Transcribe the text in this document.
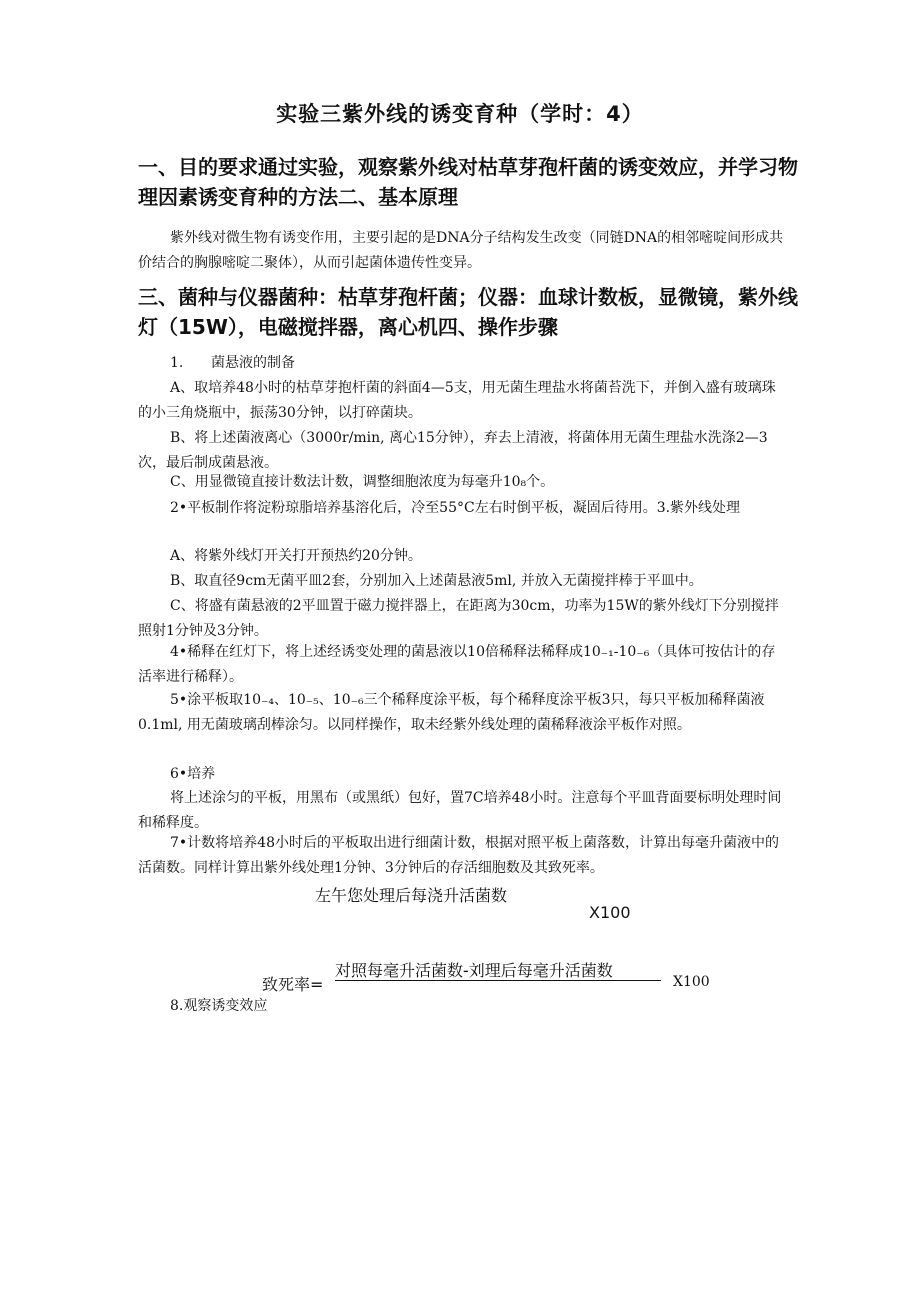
实验三紫外线的诱变育种（学时：4）
一、目的要求通过实验，观察紫外线对枯草芽孢杆菌的诱变效应，并学习物理因素诱变育种的方法二、基本原理
紫外线对微生物有诱变作用，主要引起的是DNA分子结构发生改变（同链DNA的相邻嘧啶间形成共价结合的胸腺嘧啶二聚体），从而引起菌体遗传性变异。
三、菌种与仪器菌种：枯草芽孢杆菌；仪器：血球计数板，显微镜，紫外线灯（15W），电磁搅拌器，离心机四、操作步骤
1. 菌悬液的制备
A、取培养48小时的枯草芽抱杆菌的斜面4—5支，用无菌生理盐水将菌苔洗下，并倒入盛有玻璃珠的小三角烧瓶中，振荡30分钟，以打碎菌块。
B、将上述菌液离心（3000r/min, 离心15分钟），弃去上清液，将菌体用无菌生理盐水洗涤2—3次，最后制成菌悬液。
C、用显微镜直接计数法计数，调整细胞浓度为每毫升10₈个。
2•平板制作将淀粉琼脂培养基溶化后，冷至55°C左右时倒平板，凝固后待用。3.紫外线处理
A、将紫外线灯开关打开预热约20分钟。
B、取直径9cm无菌平皿2套，分别加入上述菌悬液5ml, 并放入无菌搅拌棒于平皿中。
C、将盛有菌悬液的2平皿置于磁力搅拌器上，在距离为30cm，功率为15W的紫外线灯下分别搅拌照射1分钟及3分钟。
4•稀释在红灯下，将上述经诱变处理的菌悬液以10倍稀释法稀释成10₋₁-10₋₆（具体可按估计的存活率进行稀释）。
5•涂平板取10₋₄、10₋₅、10₋₆三个稀释度涂平板，每个稀释度涂平板3只，每只平板加稀释菌液0.1ml, 用无菌玻璃刮棒涂匀。以同样操作，取未经紫外线处理的菌稀释液涂平板作对照。
6•培养
将上述涂匀的平板，用黑布（或黑纸）包好，置7C培养48小时。注意每个平皿背面要标明处理时间和稀释度。
7•计数将培养48小时后的平板取出进行细菌计数，根据对照平板上菌落数，计算出每毫升菌液中的活菌数。同样计算出紫外线处理1分钟、3分钟后的存活细胞数及其致死率。
左午您处理后每浇升活菌数
X100
致死率=
对照每毫升活菌数-刘理后每毫升活菌数
X100
8.观察诱变效应
